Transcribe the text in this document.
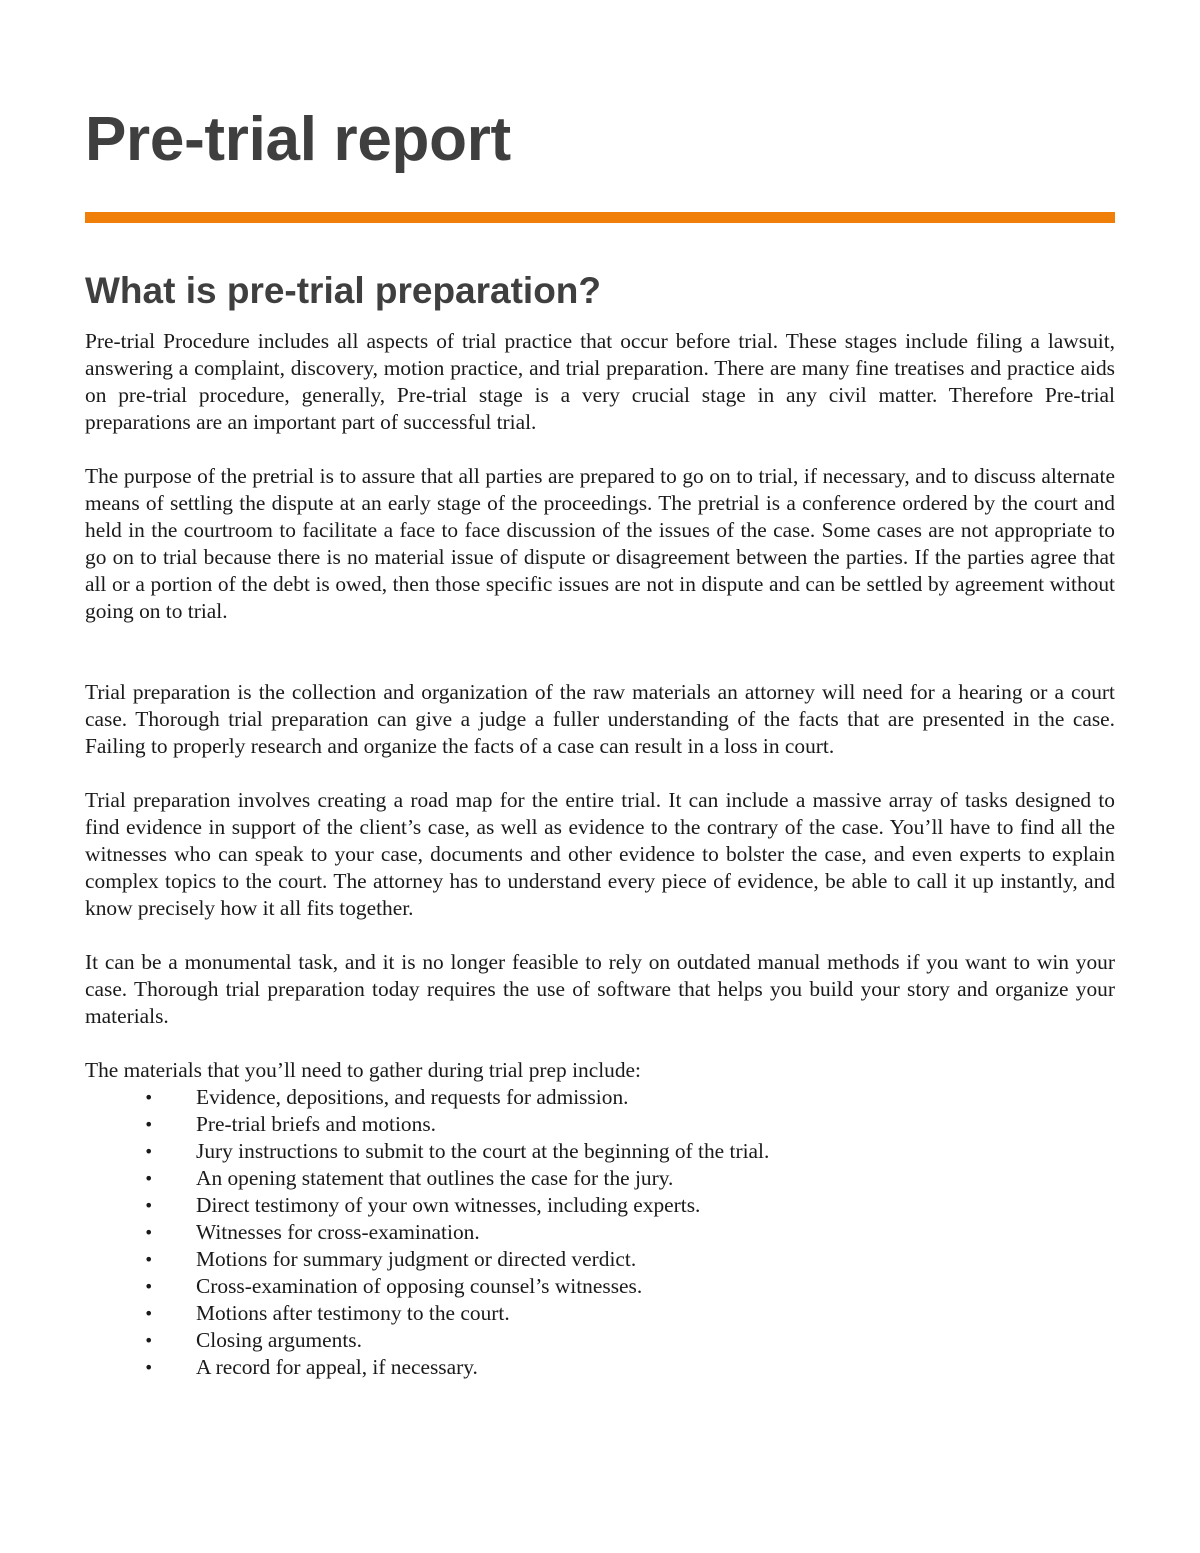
Pre-trial report
What is pre-trial preparation?

Pre-trial Procedure includes all aspects of trial practice that occur before trial. These stages include filing a lawsuit, answering a complaint, discovery, motion practice, and trial preparation. There are many fine treatises and practice aids on pre-trial procedure, generally, Pre-trial stage is a very crucial stage in any civil matter. Therefore Pre-trial preparations are an important part of successful trial.

The purpose of the pretrial is to assure that all parties are prepared to go on to trial, if necessary, and to discuss alternate means of settling the dispute at an early stage of the proceedings. The pretrial is a conference ordered by the court and held in the courtroom to facilitate a face to face discussion of the issues of the case. Some cases are not appropriate to go on to trial because there is no material issue of dispute or disagreement between the parties. If the parties agree that all or a portion of the debt is owed, then those specific issues are not in dispute and can be settled by agreement without going on to trial.

Trial preparation is the collection and organization of the raw materials an attorney will need for a hearing or a court case. Thorough trial preparation can give a judge a fuller understanding of the facts that are presented in the case. Failing to properly research and organize the facts of a case can result in a loss in court.

Trial preparation involves creating a road map for the entire trial. It can include a massive array of tasks designed to find evidence in support of the client’s case, as well as evidence to the contrary of the case. You’ll have to find all the witnesses who can speak to your case, documents and other evidence to bolster the case, and even experts to explain complex topics to the court. The attorney has to understand every piece of evidence, be able to call it up instantly, and know precisely how it all fits together.

It can be a monumental task, and it is no longer feasible to rely on outdated manual methods if you want to win your case. Thorough trial preparation today requires the use of software that helps you build your story and organize your materials.

The materials that you’ll need to gather during trial prep include:

• Evidence, depositions, and requests for admission.
• Pre-trial briefs and motions.
• Jury instructions to submit to the court at the beginning of the trial.
• An opening statement that outlines the case for the jury.
• Direct testimony of your own witnesses, including experts.
• Witnesses for cross-examination.
• Motions for summary judgment or directed verdict.
• Cross-examination of opposing counsel’s witnesses.
• Motions after testimony to the court.
• Closing arguments.
• A record for appeal, if necessary.
